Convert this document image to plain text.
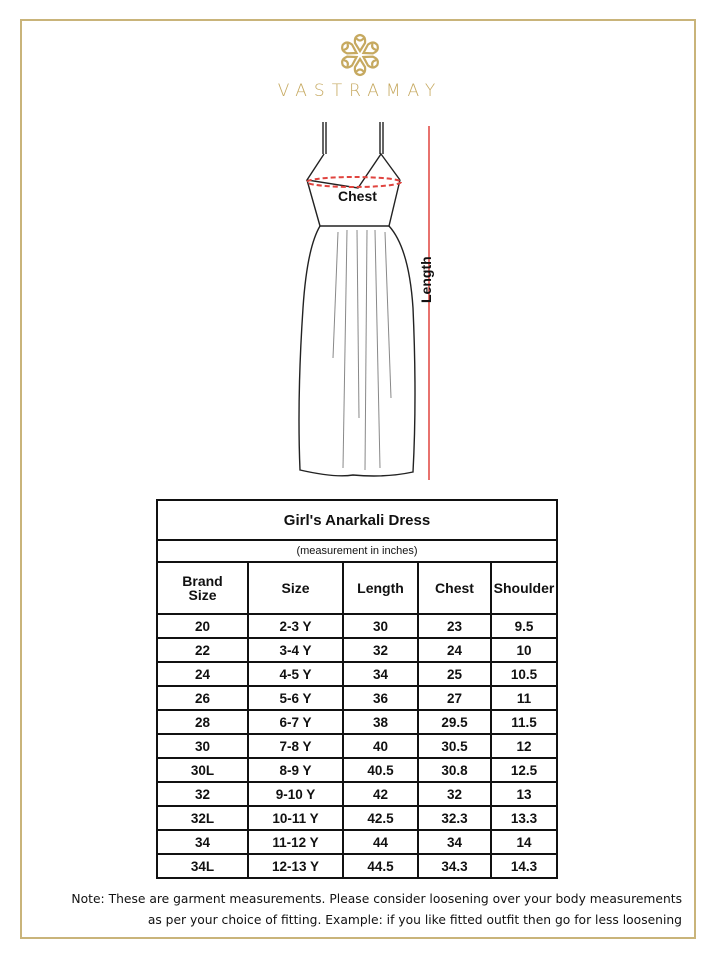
VASTRAMAY
Chest
Length
Girl's Anarkali Dress				
(measurement in inches)				
Brand
Size	Size	Length	Chest	Shoulder
20	2-3 Y	30	23	9.5
22	3-4 Y	32	24	10
24	4-5 Y	34	25	10.5
26	5-6 Y	36	27	11
28	6-7 Y	38	29.5	11.5
30	7-8 Y	40	30.5	12
30L	8-9 Y	40.5	30.8	12.5
32	9-10 Y	42	32	13
32L	10-11 Y	42.5	32.3	13.3
34	11-12 Y	44	34	14
34L	12-13 Y	44.5	34.3	14.3
Note: These are garment measurements. Please consider loosening over your body measurements
as per your choice of fitting. Example: if you like fitted outfit then go for less loosening
